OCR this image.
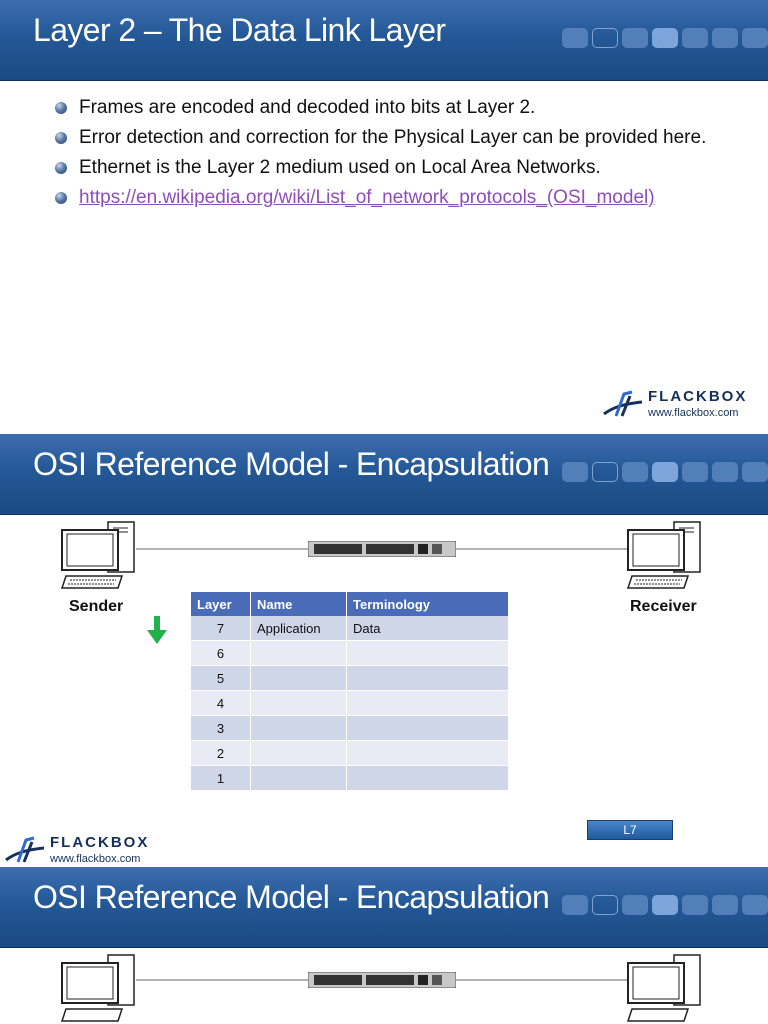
Layer 2 – The Data Link Layer
Frames are encoded and decoded into bits at Layer 2.
Error detection and correction for the Physical Layer can be provided here.
Ethernet is the Layer 2 medium used on Local Area Networks.
https://en.wikipedia.org/wiki/List_of_network_protocols_(OSI_model)
FLACKBOX
www.flackbox.com
OSI Reference Model - Encapsulation
Sender	Receiver
Layer	Name	Terminology
7	Application	Data
6		
5		
4		
3		
2		
1		
L7
FLACKBOX
www.flackbox.com
OSI Reference Model - Encapsulation
